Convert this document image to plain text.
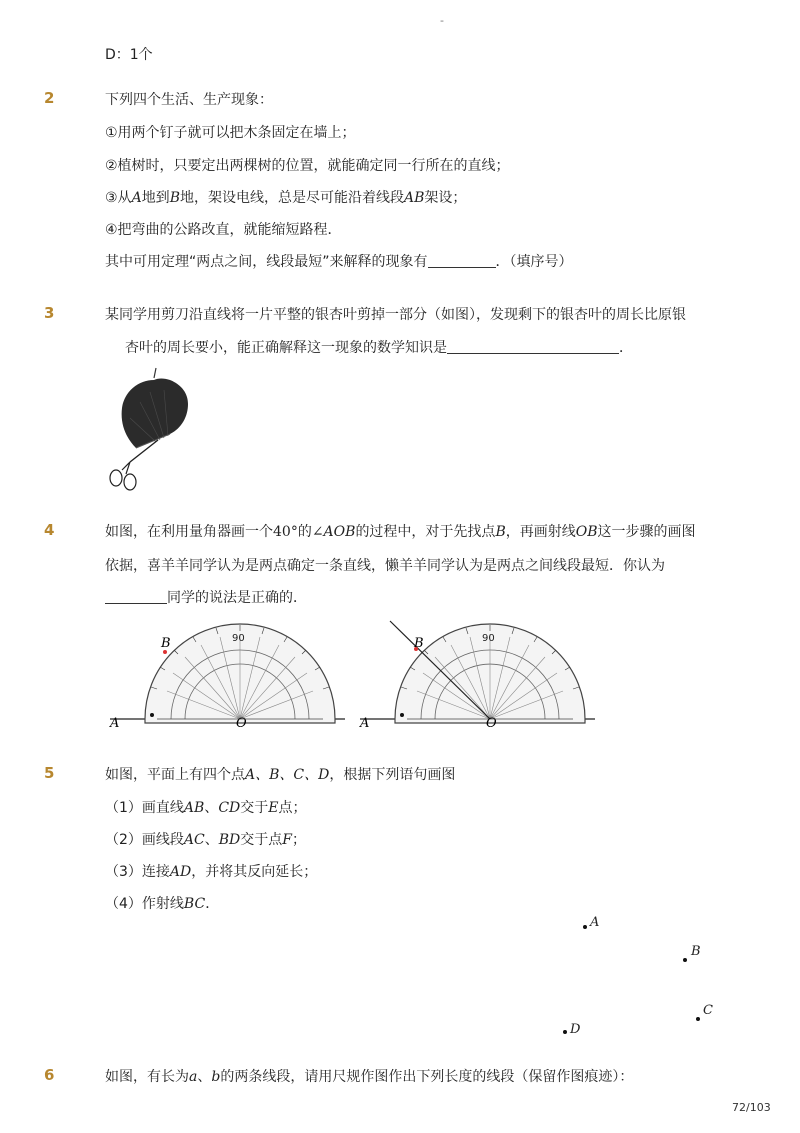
-
D：1个
2	下列四个生活、生产现象：
①用两个钉子就可以把木条固定在墙上；
②植树时，只要定出两棵树的位置，就能确定同一行所在的直线；
③从A地到B地，架设电线，总是尽可能沿着线段AB架设；
④把弯曲的公路改直，就能缩短路程．
其中可用定理“两点之间，线段最短”来解释的现象有	．（填序号）
3	某同学用剪刀沿直线将一片平整的银杏叶剪掉一部分（如图），发现剩下的银杏叶的周长比原银
杏叶的周长要小，能正确解释这一现象的数学知识是	．
4	如图，在利用量角器画一个40°的∠AOB的过程中，对于先找点B，再画射线OB这一步骤的画图
依据，喜羊羊同学认为是两点确定一条直线，懒羊羊同学认为是两点之间线段最短．你认为
同学的说法是正确的．
A
B
O
90
A
B
O
90
5	如图，平面上有四个点A、B、C、D，根据下列语句画图
（1）画直线AB、CD交于E点；
（2）画线段AC、BD交于点F；
（3）连接AD，并将其反向延长；
（4）作射线BC．
A
B
C
D
6	如图，有长为a、b的两条线段，请用尺规作图作出下列长度的线段（保留作图痕迹）：
72/103
